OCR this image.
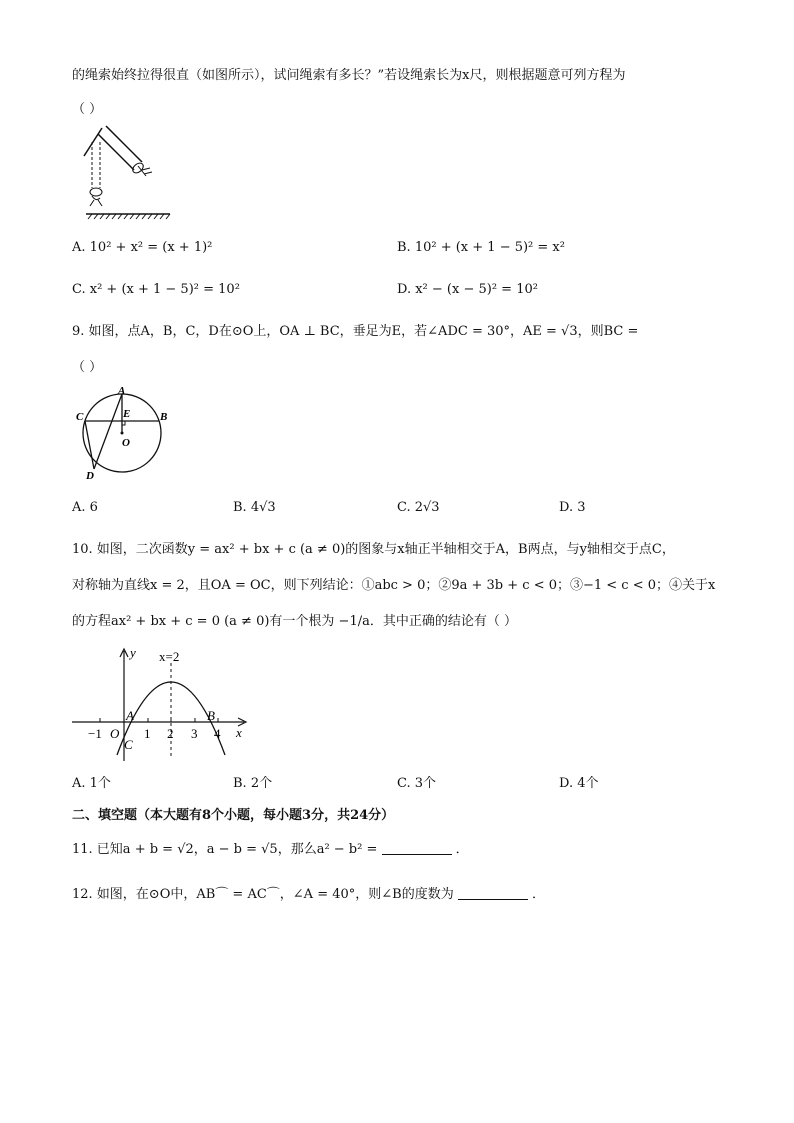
的绳索始终拉得很直（如图所示），试问绳索有多长？”若设绳索长为x尺，则根据题意可列方程为
（ ）
A. 10² + x² = (x + 1)²	B. 10² + (x + 1 − 5)² = x²
C. x² + (x + 1 − 5)² = 10²	D. x² − (x − 5)² = 10²
9. 如图，点A，B，C，D在⊙O上，OA ⊥ BC，垂足为E，若∠ADC = 30°，AE = √3，则BC =
（ ）
A
B
C
D
E
O
A. 6	B. 4√3	C. 2√3	D. 3
10. 如图，二次函数y = ax² + bx + c (a ≠ 0)的图象与x轴正半轴相交于A，B两点，与y轴相交于点C，
对称轴为直线x = 2，且OA = OC，则下列结论：①abc > 0；②9a + 3b + c < 0；③−1 < c < 0；④关于x
的方程ax² + bx + c = 0 (a ≠ 0)有一个根为 −1/a．其中正确的结论有（ ）
y
x
x=2
−1 O 1 2 3 4
A	B
C
A. 1个	B. 2个	C. 3个	D. 4个
二、填空题（本大题有8个小题，每小题3分，共24分）
11. 已知a + b = √2，a − b = √5，那么a² − b² =	．
12. 如图，在⊙O中，AB⌒ = AC⌒，∠A = 40°，则∠B的度数为	．
